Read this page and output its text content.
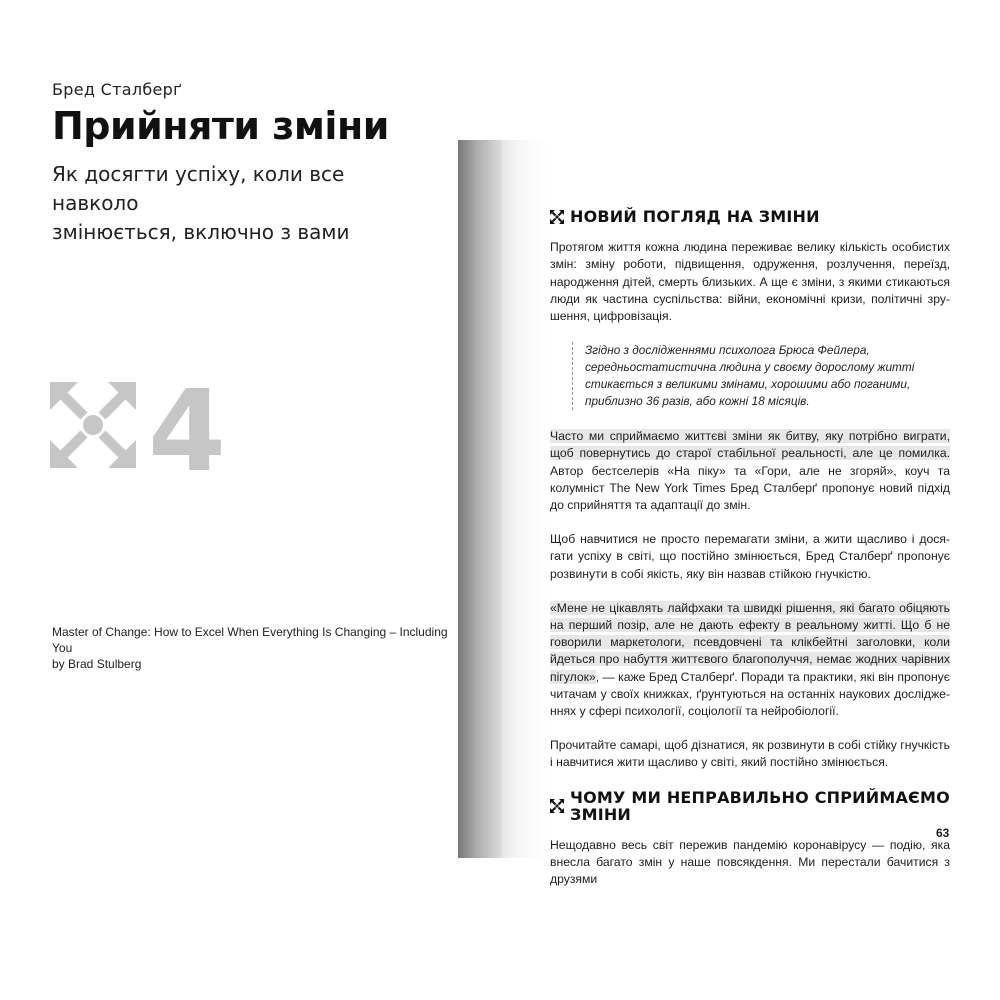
Бред Сталберґ
Прийняти зміни
Як досягти успіху, коли все навколо
змінюється, включно з вами
4
Master of Change: How to Excel When Everything Is Changing – Including You
by Brad Stulberg
НОВИЙ ПОГЛЯД НА ЗМІНИ

Протягом життя кожна людина переживає велику кількість особистих змін: зміну роботи, підвищення, одруження, розлучення, переїзд, народження дітей, смерть близьких. А ще є зміни, з якими стикаються люди як частина суспільства: війни, економічні кризи, політичні зрушення, цифровізація.

Згідно з дослідженнями психолога Брюса Фейлера, середньостатистична людина у своєму дорослому житті стикається з великими змінами, хорошими або поганими, приблизно 36 разів, або кожні 18 місяців.

Часто ми сприймаємо життєві зміни як битву, яку потрібно виграти, щоб повернутись до старої стабільної реальності, але це помилка. Автор бестселерів «На піку» та «Гори, але не згоряй», коуч та колумніст The New York Times Бред Сталберґ пропонує новий підхід до сприйняття та адаптації до змін.

Щоб навчитися не просто перемагати зміни, а жити щасливо і досягати успіху в світі, що постійно змінюється, Бред Сталберґ пропонує розвинути в собі якість, яку він назвав стійкою гнучкістю.

«Мене не цікавлять лайфхаки та швидкі рішення, які багато обіцяють на перший позір, але не дають ефекту в реальному житті. Що б не говорили маркетологи, псевдовчені та клікбейтні заголовки, коли йдеться про набуття життєвого благополуччя, немає жодних чарівних пігулок», — каже Бред Сталберґ. Поради та практики, які він пропонує читачам у своїх книжках, ґрунтуються на останніх наукових дослідженнях у сфері психології, соціології та нейробіології.

Прочитайте самарі, щоб дізнатися, як розвинути в собі стійку гнучкість і навчитися жити щасливо у світі, який постійно змінюється.

ЧОМУ МИ НЕПРАВИЛЬНО СПРИЙМАЄМО ЗМІНИ

Нещодавно весь світ пережив пандемію коронавірусу — подію, яка внесла багато змін у наше повсякдення. Ми перестали бачитися з друзями

63
